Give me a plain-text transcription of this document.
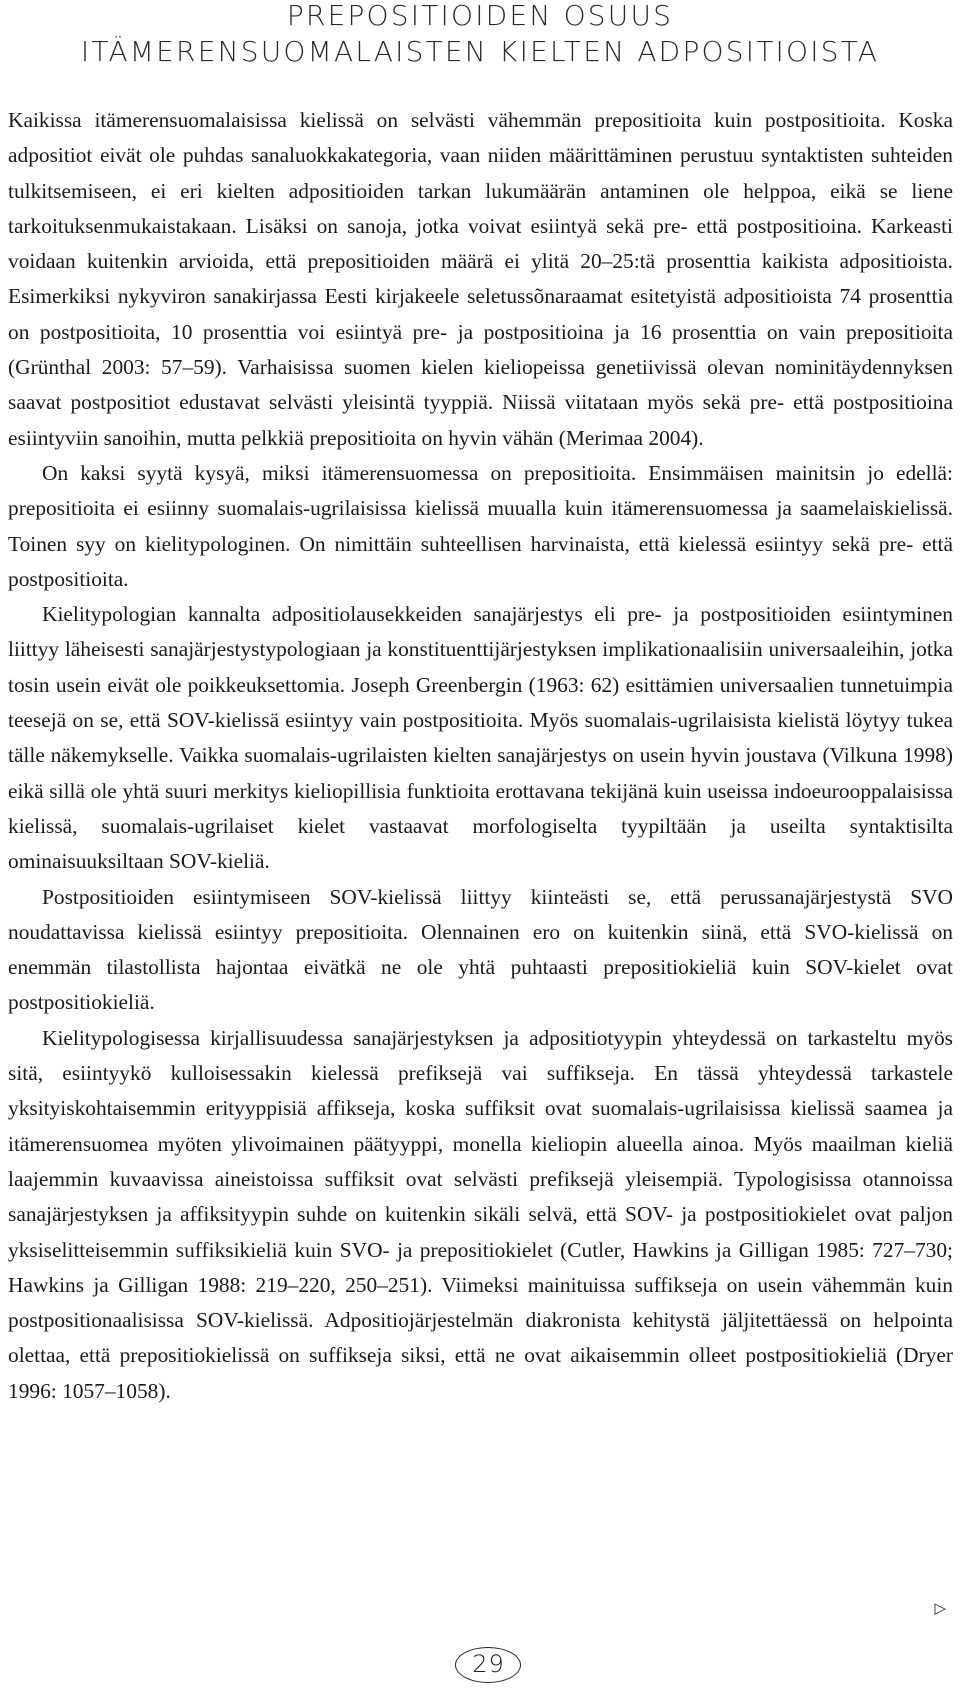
PREPOSITIOIDEN OSUUS
ITÄMERENSUOMALAISTEN KIELTEN ADPOSITIOISTA

Kaikissa itämerensuomalaisissa kielissä on selvästi vähemmän prepositioita kuin postpositioita. Koska adpositiot eivät ole puhdas sanaluokkakategoria, vaan niiden määrittäminen perustuu syntaktisten suhteiden tulkitsemiseen, ei eri kielten adpositioiden tarkan lukumäärän antaminen ole helppoa, eikä se liene tarkoituksenmukaistakaan. Lisäksi on sanoja, jotka voivat esiintyä sekä pre- että postpositioina. Karkeasti voidaan kuitenkin arvioida, että prepositioiden määrä ei ylitä 20–25:tä prosenttia kaikista adpositioista. Esimerkiksi nykyviron sanakirjassa Eesti kirjakeele seletussõnaraamat esitetyistä adpositioista 74 prosenttia on postpositioita, 10 prosenttia voi esiintyä pre- ja postpositioina ja 16 prosenttia on vain prepositioita (Grünthal 2003: 57–59). Varhaisissa suomen kielen kieliopeissa genetiivissä olevan nominitäydennyksen saavat postpositiot edustavat selvästi yleisintä tyyppiä. Niissä viitataan myös sekä pre- että postpositioina esiintyviin sanoihin, mutta pelkkiä prepositioita on hyvin vähän (Merimaa 2004).

On kaksi syytä kysyä, miksi itämerensuomessa on prepositioita. Ensimmäisen mainitsin jo edellä: prepositioita ei esiinny suomalais-ugrilaisissa kielissä muualla kuin itämerensuomessa ja saamelaiskielissä. Toinen syy on kielitypologinen. On nimittäin suhteellisen harvinaista, että kielessä esiintyy sekä pre- että postpositioita.

Kielitypologian kannalta adpositiolausekkeiden sanajärjestys eli pre- ja postpositioiden esiintyminen liittyy läheisesti sanajärjestystypologiaan ja konstituenttijärjestyksen implikationaalisiin universaaleihin, jotka tosin usein eivät ole poikkeuksettomia. Joseph Greenbergin (1963: 62) esittämien universaalien tunnetuimpia teesejä on se, että SOV-kielissä esiintyy vain postpositioita. Myös suomalais-ugrilaisista kielistä löytyy tukea tälle näkemykselle. Vaikka suomalais-ugrilaisten kielten sanajärjestys on usein hyvin joustava (Vilkuna 1998) eikä sillä ole yhtä suuri merkitys kieliopillisia funktioita erottavana tekijänä kuin useissa indoeurooppalaisissa kielissä, suomalais-ugrilaiset kielet vastaavat morfologiselta tyypiltään ja useilta syntaktisilta ominaisuuksiltaan SOV-kieliä.

Postpositioiden esiintymiseen SOV-kielissä liittyy kiinteästi se, että perussanajärjestystä SVO noudattavissa kielissä esiintyy prepositioita. Olennainen ero on kuitenkin siinä, että SVO-kielissä on enemmän tilastollista hajontaa eivätkä ne ole yhtä puhtaasti prepositiokieliä kuin SOV-kielet ovat postpositiokieliä.

Kielitypologisessa kirjallisuudessa sanajärjestyksen ja adpositiotyypin yhteydessä on tarkasteltu myös sitä, esiintyykö kulloisessakin kielessä prefiksejä vai suffikseja. En tässä yhteydessä tarkastele yksityiskohtaisemmin erityyppisiä affikseja, koska suffiksit ovat suomalais-ugrilaisissa kielissä saamea ja itämerensuomea myöten ylivoimainen päätyyppi, monella kieliopin alueella ainoa. Myös maailman kieliä laajemmin kuvaavissa aineistoissa suffiksit ovat selvästi prefiksejä yleisempiä. Typologisissa otannoissa sanajärjestyksen ja affiksityypin suhde on kuitenkin sikäli selvä, että SOV- ja postpositiokielet ovat paljon yksiselitteisemmin suffiksikieliä kuin SVO- ja prepositiokielet (Cutler, Hawkins ja Gilligan 1985: 727–730; Hawkins ja Gilligan 1988: 219–220, 250–251). Viimeksi mainituissa suffikseja on usein vähemmän kuin postpositionaalisissa SOV-kielissä. Adpositiojärjestelmän diakronista kehitystä jäljitettäessä on helpointa olettaa, että prepositiokielissä on suffikseja siksi, että ne ovat aikaisemmin olleet postpositiokieliä (Dryer 1996: 1057–1058).

▷
29
